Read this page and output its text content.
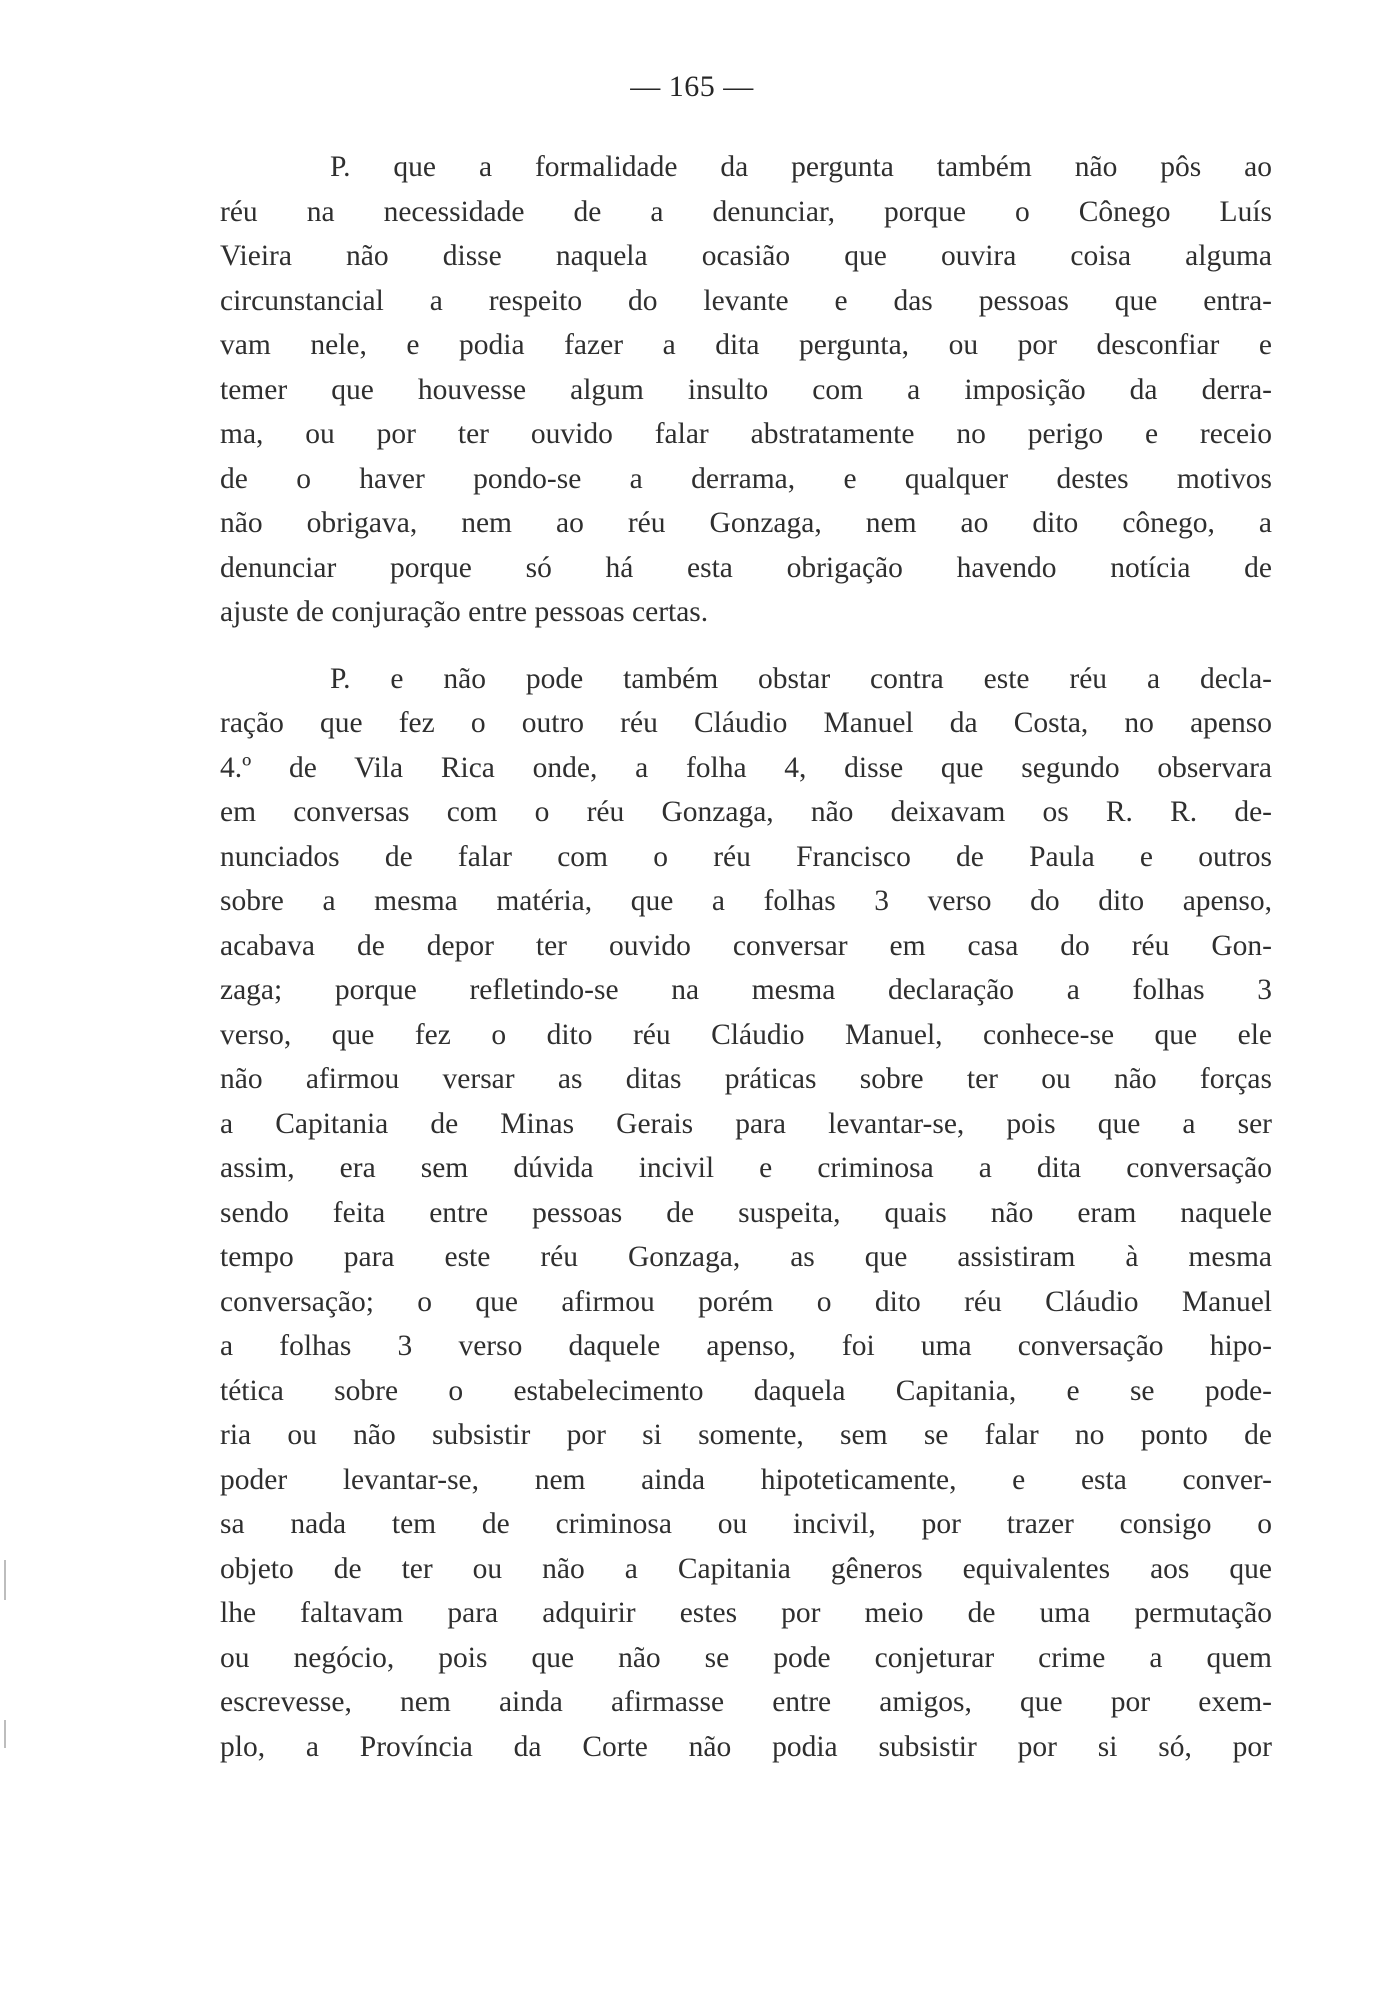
— 165 —
P. que a formalidade da pergunta também não pôs ao
réu na necessidade de a denunciar, porque o Cônego Luís
Vieira não disse naquela ocasião que ouvira coisa alguma
circunstancial a respeito do levante e das pessoas que entra-
vam nele, e podia fazer a dita pergunta, ou por desconfiar e
temer que houvesse algum insulto com a imposição da derra-
ma, ou por ter ouvido falar abstratamente no perigo e receio
de o haver pondo-se a derrama, e qualquer destes motivos
não obrigava, nem ao réu Gonzaga, nem ao dito cônego, a
denunciar porque só há esta obrigação havendo notícia de
ajuste de conjuração entre pessoas certas.
P. e não pode também obstar contra este réu a decla-
ração que fez o outro réu Cláudio Manuel da Costa, no apenso
4.º de Vila Rica onde, a folha 4, disse que segundo observara
em conversas com o réu Gonzaga, não deixavam os R. R. de-
nunciados de falar com o réu Francisco de Paula e outros
sobre a mesma matéria, que a folhas 3 verso do dito apenso,
acabava de depor ter ouvido conversar em casa do réu Gon-
zaga; porque refletindo-se na mesma declaração a folhas 3
verso, que fez o dito réu Cláudio Manuel, conhece-se que ele
não afirmou versar as ditas práticas sobre ter ou não forças
a Capitania de Minas Gerais para levantar-se, pois que a ser
assim, era sem dúvida incivil e criminosa a dita conversação
sendo feita entre pessoas de suspeita, quais não eram naquele
tempo para este réu Gonzaga, as que assistiram à mesma
conversação; o que afirmou porém o dito réu Cláudio Manuel
a folhas 3 verso daquele apenso, foi uma conversação hipo-
tética sobre o estabelecimento daquela Capitania, e se pode-
ria ou não subsistir por si somente, sem se falar no ponto de
poder levantar-se, nem ainda hipoteticamente, e esta conver-
sa nada tem de criminosa ou incivil, por trazer consigo o
objeto de ter ou não a Capitania gêneros equivalentes aos que
lhe faltavam para adquirir estes por meio de uma permutação
ou negócio, pois que não se pode conjeturar crime a quem
escrevesse, nem ainda afirmasse entre amigos, que por exem-
plo, a Província da Corte não podia subsistir por si só, por
